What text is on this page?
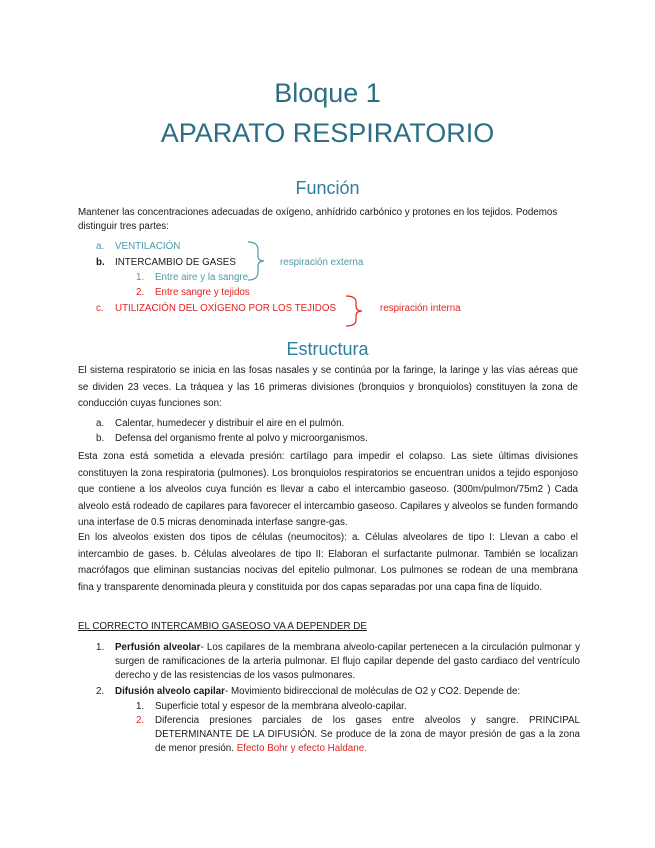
Bloque 1
APARATO RESPIRATORIO
Función
Mantener las concentraciones adecuadas de oxígeno, anhídrido carbónico y protones en los tejidos. Podemos
distinguir tres partes:
a. VENTILACIÓN
b. INTERCAMBIO DE GASES
1. Entre aire y la sangre
2. Entre sangre y tejidos
c. UTILIZACIÓN DEL OXÍGENO POR LOS TEJIDOS
respiración externa
respiración interna
Estructura
El sistema respiratorio se inicia en las fosas nasales y se continúa por la faringe, la laringe y las vías aéreas que se dividen 23 veces. La tráquea y las 16 primeras divisiones (bronquios y bronquiolos) constituyen la zona de conducción cuyas funciones son:
a. Calentar, humedecer y distribuir el aire en el pulmón.
b. Defensa del organismo frente al polvo y microorganismos.
Esta zona está sometida a elevada presión: cartílago para impedir el colapso. Las siete últimas divisiones constituyen la zona respiratoria (pulmones). Los bronquiolos respiratorios se encuentran unidos a tejido esponjoso que contiene a los alveolos cuya función es llevar a cabo el intercambio gaseoso. (300m/pulmon/75m2 ) Cada alveolo está rodeado de capilares para favorecer el intercambio gaseoso. Capilares y alveolos se funden formando una interfase de 0.5 micras denominada interfase sangre-gas.
En los alveolos existen dos tipos de células (neumocitos): a. Células alveolares de tipo I: Llevan a cabo el intercambio de gases. b. Células alveolares de tipo II: Elaboran el surfactante pulmonar. También se localizan macrófagos que eliminan sustancias nocivas del epitelio pulmonar. Los pulmones se rodean de una membrana fina y transparente denominada pleura y constituida por dos capas separadas por una capa fina de líquido.
EL CORRECTO INTERCAMBIO GASEOSO VA A DEPENDER DE
1.	Perfusión alveolar- Los capilares de la membrana alveolo-capilar pertenecen a la circulación pulmonar y surgen de ramificaciones de la arteria pulmonar. El flujo capilar depende del gasto cardiaco del ventrículo derecho y de las resistencias de los vasos pulmonares.
2.	Difusión alveolo capilar- Movimiento bidireccional de moléculas de O2 y CO2. Depende de:
1. Superficie total y espesor de la membrana alveolo-capilar.
2.	Diferencia presiones parciales de los gases entre alveolos y sangre. PRINCIPAL DETERMINANTE DE LA DIFUSIÓN. Se produce de la zona de mayor presión de gas a la zona de menor presión. Efecto Bohr y efecto Haldane.
